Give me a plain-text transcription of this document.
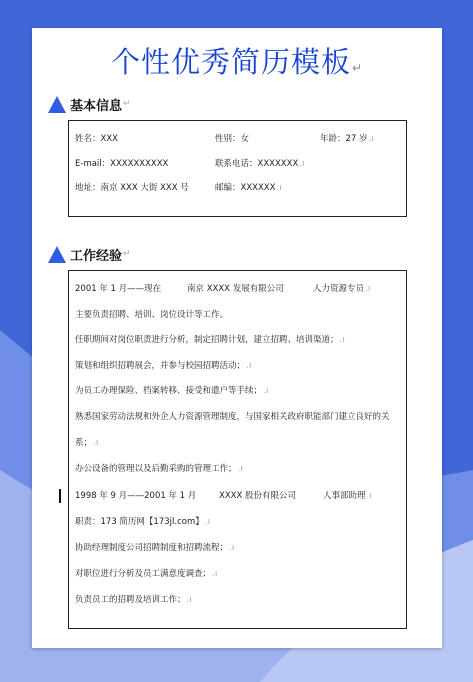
个性优秀简历模板↵
基本信息 ↵
姓名：XXX	性别：女	年龄：27 岁.ı
E-mail：XXXXXXXXXX	联系电话：XXXXXXX.ı
地址：南京 XXX 大街 XXX 号	邮编：XXXXXX.ı
工作经验 ↵
2001 年 1 月——现在	南京 XXXX 发展有限公司	人力资源专员.ı
主要负责招聘、培训、岗位设计等工作。
任职期间对岗位职责进行分析，制定招聘计划，建立招聘、培训渠道；.ı
策划和组织招聘展会，并参与校园招聘活动；.ı
为员工办理保险、档案转移、接受和遣户等手续；.ı
熟悉国家劳动法规和外企人力资源管理制度，与国家相关政府职能部门建立良好的关
系；.ı
办公设备的管理以及后勤采购的管理工作；.ı
1998 年 9 月——2001 年 1 月	XXXX 股份有限公司	人事部助理.ı
职责：173 简历网【173jl.com】.ı
协助经理制度公司招聘制度和招聘流程；.ı
对职位进行分析及员工满意度调查；.ı
负责员工的招聘及培训工作；.ı
